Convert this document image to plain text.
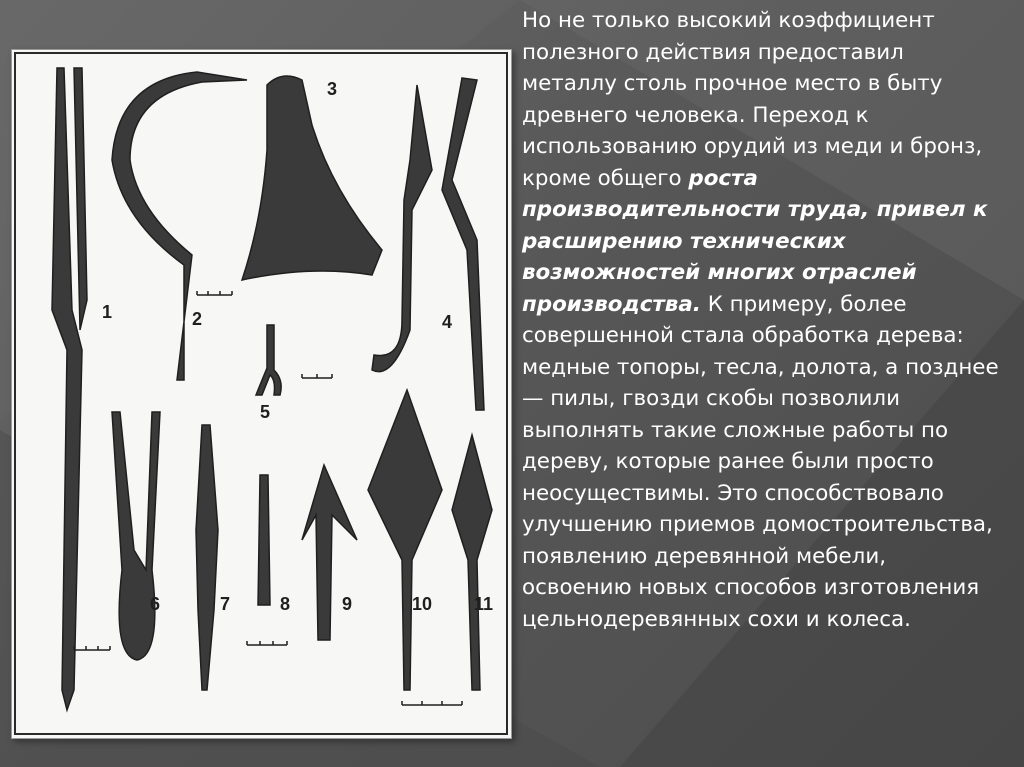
1	2
3
4
5
6	7	8	9	10 11

Но не только высокий коэффициент полезного действия предоставил металлу столь прочное место в быту древнего человека. Переход к использованию орудий из меди и бронз, кроме общего роста производительности труда, привел к расширению технических возможностей многих отраслей производства. К примеру, более совершенной стала обработка дерева: медные топоры, тесла, долота, а позднее — пилы, гвозди скобы позволили выполнять такие сложные работы по дереву, которые ранее были просто неосуществимы. Это способствовало улучшению приемов домостроительства, появлению деревянной мебели, освоению новых способов изготовления цельнодеревянных сохи и колеса.
